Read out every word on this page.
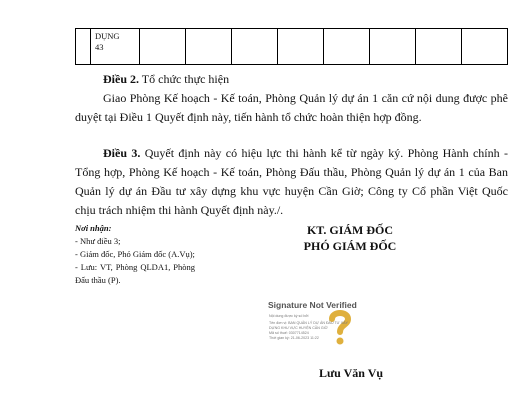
DỤNG
43

Điều 2. Tổ chức thực hiện
Giao Phòng Kế hoạch - Kế toán, Phòng Quản lý dự án 1 căn cứ nội dung được phê duyệt tại Điều 1 Quyết định này, tiến hành tổ chức hoàn thiện hợp đồng.
Điều 3. Quyết định này có hiệu lực thi hành kể từ ngày ký. Phòng Hành chính - Tổng hợp, Phòng Kế hoạch - Kế toán, Phòng Đấu thầu, Phòng Quản lý dự án 1 của Ban Quản lý dự án Đầu tư xây dựng khu vực huyện Cần Giờ; Công ty Cổ phần Việt Quốc chịu trách nhiệm thi hành Quyết định này./.
Nơi nhận:
- Như điều 3;
- Giám đốc, Phó Giám đốc (A.Vụ);
- Lưu: VT, Phòng QLDA1, Phòng Đấu thầu (P).
KT. GIÁM ĐỐC
PHÓ GIÁM ĐỐC
Signature Not Verified
Nội dung được ký số bởi
Tên đơn vị: BAN QUẢN LÝ DỰ ÁN ĐẦU TƯ XÂY
DỰNG KHU VỰC HUYỆN CẦN GIỜ
Mã số thuế: 0307714524
Thời gian ký: 21-06-2023 11:22
Lưu Văn Vụ
